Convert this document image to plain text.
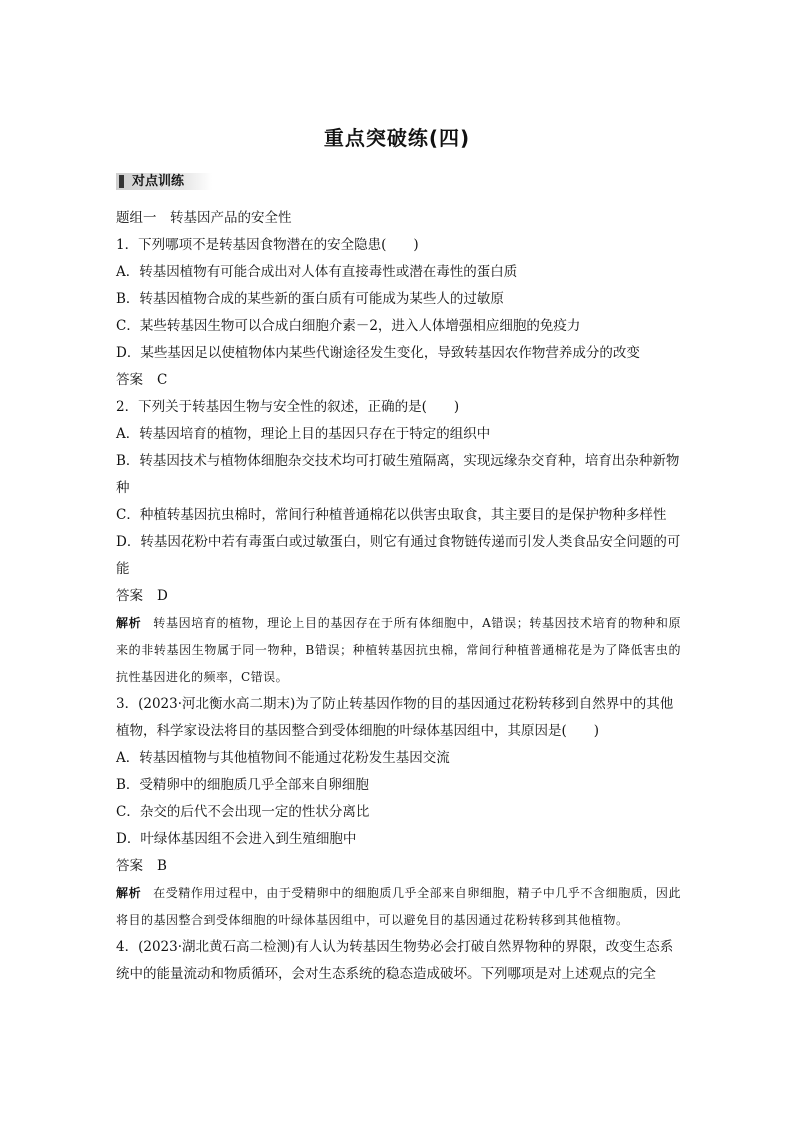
重点突破练(四)
对点训练
题组一　转基因产品的安全性
1．下列哪项不是转基因食物潜在的安全隐患(　　)
A．转基因植物有可能合成出对人体有直接毒性或潜在毒性的蛋白质
B．转基因植物合成的某些新的蛋白质有可能成为某些人的过敏原
C．某些转基因生物可以合成白细胞介素－2，进入人体增强相应细胞的免疫力
D．某些基因足以使植物体内某些代谢途径发生变化，导致转基因农作物营养成分的改变
答案 C
2．下列关于转基因生物与安全性的叙述，正确的是(　　)
A．转基因培育的植物，理论上目的基因只存在于特定的组织中
B．转基因技术与植物体细胞杂交技术均可打破生殖隔离，实现远缘杂交育种，培育出杂种新物种
C．种植转基因抗虫棉时，常间行种植普通棉花以供害虫取食，其主要目的是保护物种多样性
D．转基因花粉中若有毒蛋白或过敏蛋白，则它有通过食物链传递而引发人类食品安全问题的可能
答案 D
解析 转基因培育的植物，理论上目的基因存在于所有体细胞中，A错误；转基因技术培育的物种和原来的非转基因生物属于同一物种，B错误；种植转基因抗虫棉，常间行种植普通棉花是为了降低害虫的抗性基因进化的频率，C错误。
3．(2023·河北衡水高二期末)为了防止转基因作物的目的基因通过花粉转移到自然界中的其他植物，科学家设法将目的基因整合到受体细胞的叶绿体基因组中，其原因是(　　)
A．转基因植物与其他植物间不能通过花粉发生基因交流
B．受精卵中的细胞质几乎全部来自卵细胞
C．杂交的后代不会出现一定的性状分离比
D．叶绿体基因组不会进入到生殖细胞中
答案 B
解析 在受精作用过程中，由于受精卵中的细胞质几乎全部来自卵细胞，精子中几乎不含细胞质，因此将目的基因整合到受体细胞的叶绿体基因组中，可以避免目的基因通过花粉转移到其他植物。
4．(2023·湖北黄石高二检测)有人认为转基因生物势必会打破自然界物种的界限，改变生态系统中的能量流动和物质循环，会对生态系统的稳态造成破坏。下列哪项是对上述观点的完全
